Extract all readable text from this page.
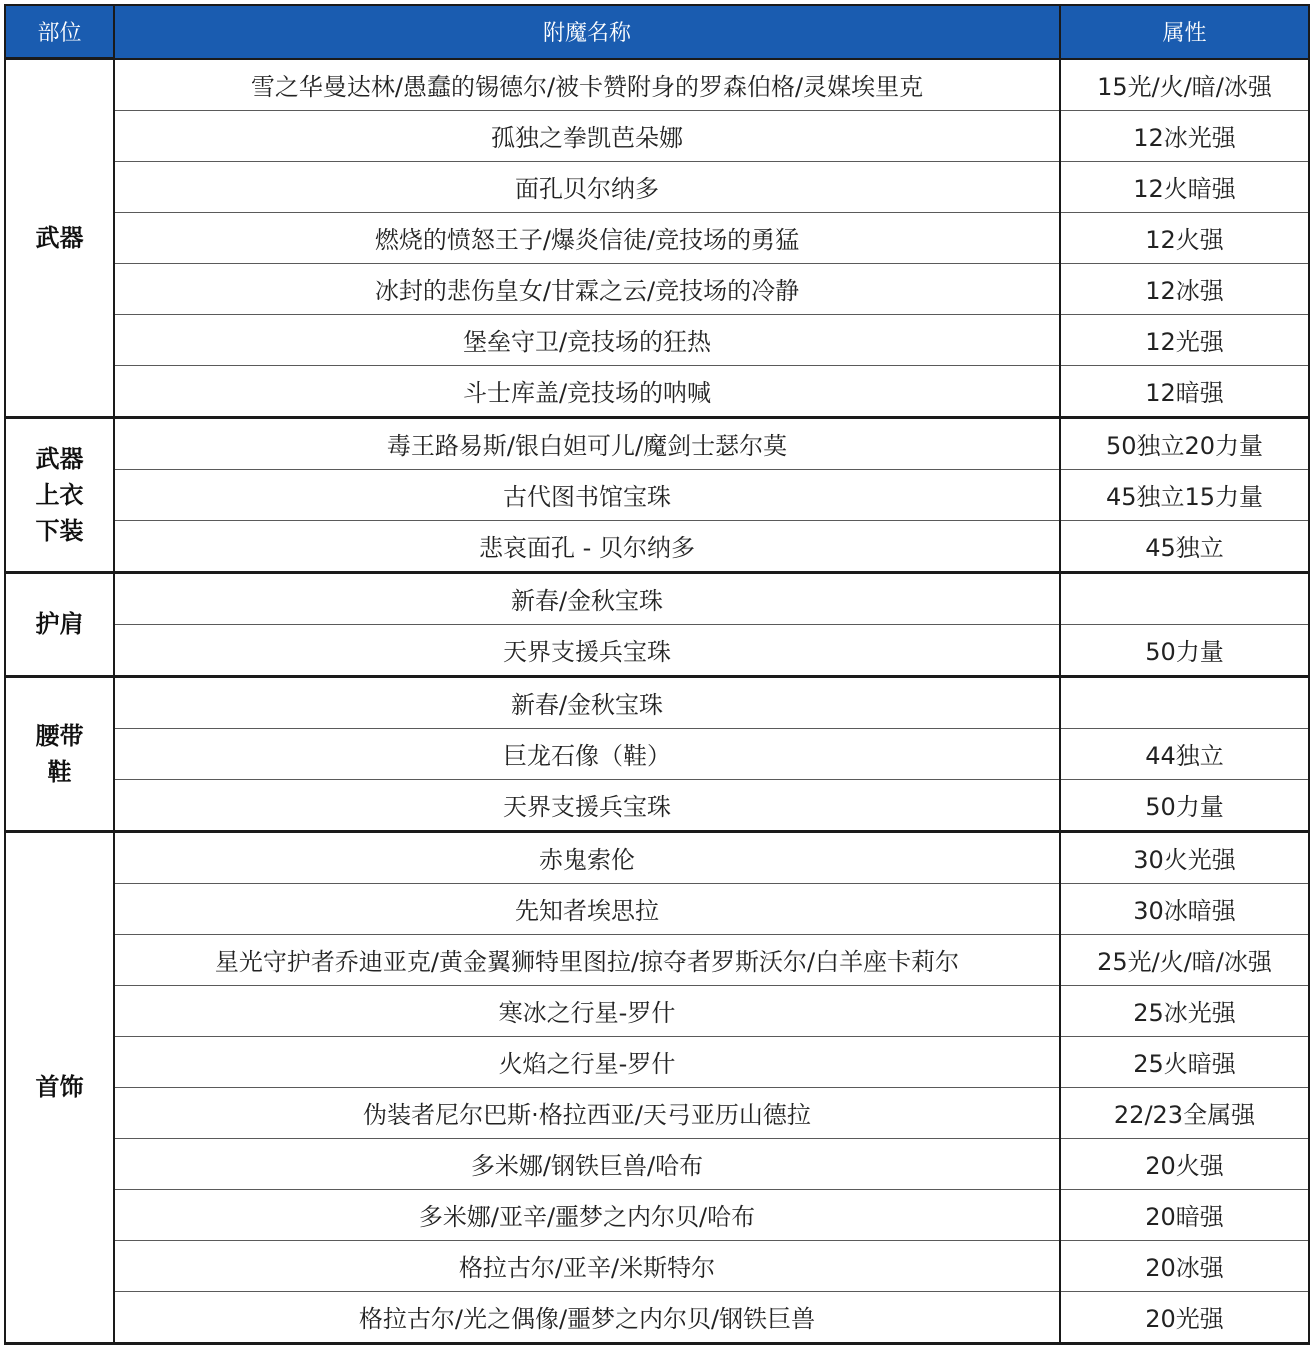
部位	附魔名称	属性

武器	雪之华曼达林/愚蠢的锡德尔/被卡赞附身的罗森伯格/灵媒埃里克	15光/火/暗/冰强
	孤独之拳凯芭朵娜	12冰光强
	面孔贝尔纳多	12火暗强
	燃烧的愤怒王子/爆炎信徒/竞技场的勇猛	12火强
	冰封的悲伤皇女/甘霖之云/竞技场的冷静	12冰强
	堡垒守卫/竞技场的狂热	12光强
	斗士库盖/竞技场的呐喊	12暗强

武器
上衣
下装	毒王路易斯/银白妲可儿/魔剑士瑟尔莫	50独立20力量
	古代图书馆宝珠	45独立15力量
	悲哀面孔 - 贝尔纳多	45独立

护肩	新春/金秋宝珠	
	天界支援兵宝珠	50力量

腰带
鞋	新春/金秋宝珠	
	巨龙石像（鞋）	44独立
	天界支援兵宝珠	50力量

首饰	赤鬼索伦	30火光强
	先知者埃思拉	30冰暗强
	星光守护者乔迪亚克/黄金翼狮特里图拉/掠夺者罗斯沃尔/白羊座卡莉尔	25光/火/暗/冰强
	寒冰之行星-罗什	25冰光强
	火焰之行星-罗什	25火暗强
	伪装者尼尔巴斯·格拉西亚/天弓亚历山德拉	22/23全属强
	多米娜/钢铁巨兽/哈布	20火强
	多米娜/亚辛/噩梦之内尔贝/哈布	20暗强
	格拉古尔/亚辛/米斯特尔	20冰强
	格拉古尔/光之偶像/噩梦之内尔贝/钢铁巨兽	20光强
